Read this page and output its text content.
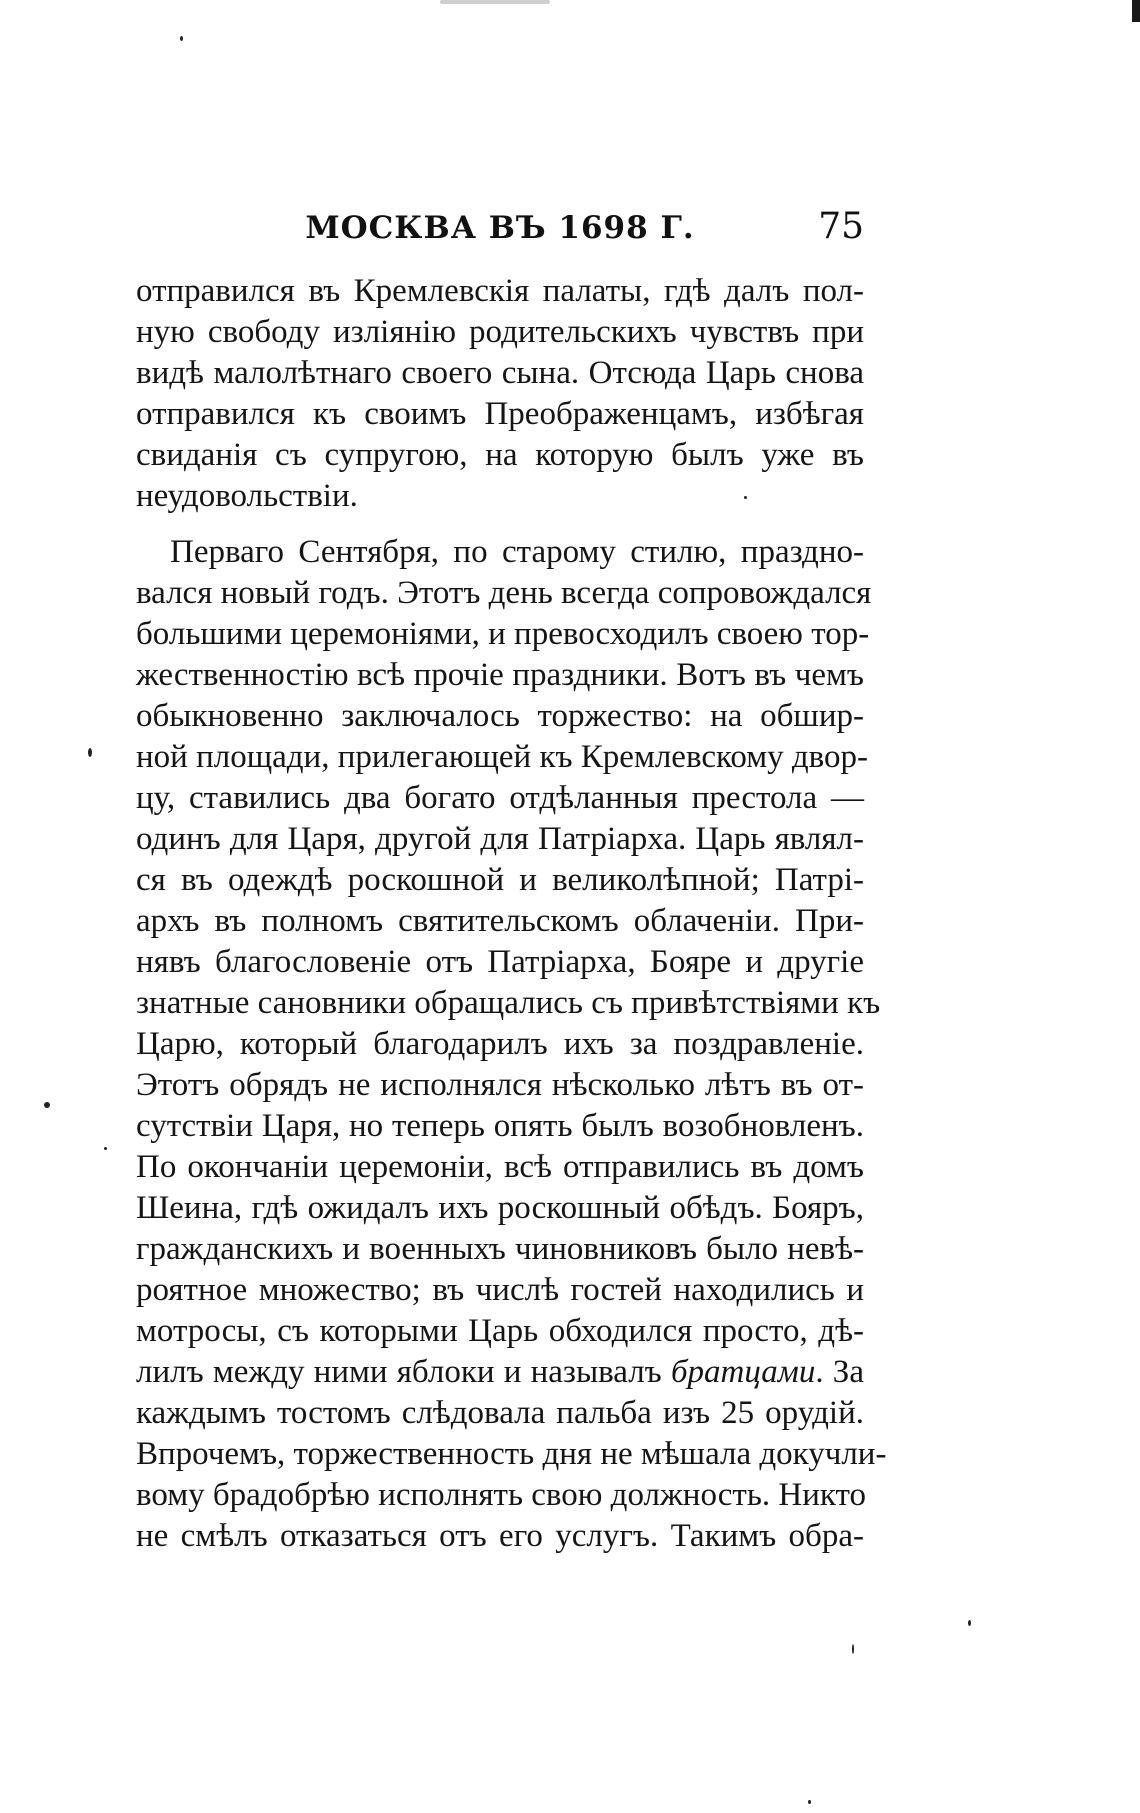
МОСКВА ВЪ 1698 Г.	75
отправился въ Кремлевскія палаты, гдѣ далъ пол-
ную свободу изліянію родительскихъ чувствъ при
видѣ малолѣтнаго своего сына. Отсюда Царь снова
отправился къ своимъ Преображенцамъ, избѣгая
свиданія съ супругою, на которую былъ уже въ
неудовольствіи.
Перваго Сентября, по старому стилю, праздно-
вался новый годъ. Этотъ день всегда сопровождался
большими церемоніями, и превосходилъ своею тор-
жественностію всѣ прочіе праздники. Вотъ въ чемъ
обыкновенно заключалось торжество: на обшир-
ной площади, прилегающей къ Кремлевскому двор-
цу, ставились два богато отдѣланныя престола —
одинъ для Царя, другой для Патріарха. Царь являл-
ся въ одеждѣ роскошной и великолѣпной; Патрі-
архъ въ полномъ святительскомъ облаченіи. При-
нявъ благословеніе отъ Патріарха, Бояре и другіе
знатные сановники обращались съ привѣтствіями къ
Царю, который благодарилъ ихъ за поздравленіе.
Этотъ обрядъ не исполнялся нѣсколько лѣтъ въ от-
сутствіи Царя, но теперь опять былъ возобновленъ.
По окончаніи церемоніи, всѣ отправились въ домъ
Шеина, гдѣ ожидалъ ихъ роскошный обѣдъ. Бояръ,
гражданскихъ и военныхъ чиновниковъ было невѣ-
роятное множество; въ числѣ гостей находились и
мотросы, съ которыми Царь обходился просто, дѣ-
лилъ между ними яблоки и называлъ братцами. За
каждымъ тостомъ слѣдовала пальба изъ 25 орудій.
Впрочемъ, торжественность дня не мѣшала докучли-
вому брадобрѣю исполнять свою должность. Никто
не смѣлъ отказаться отъ его услугъ. Такимъ обра-
